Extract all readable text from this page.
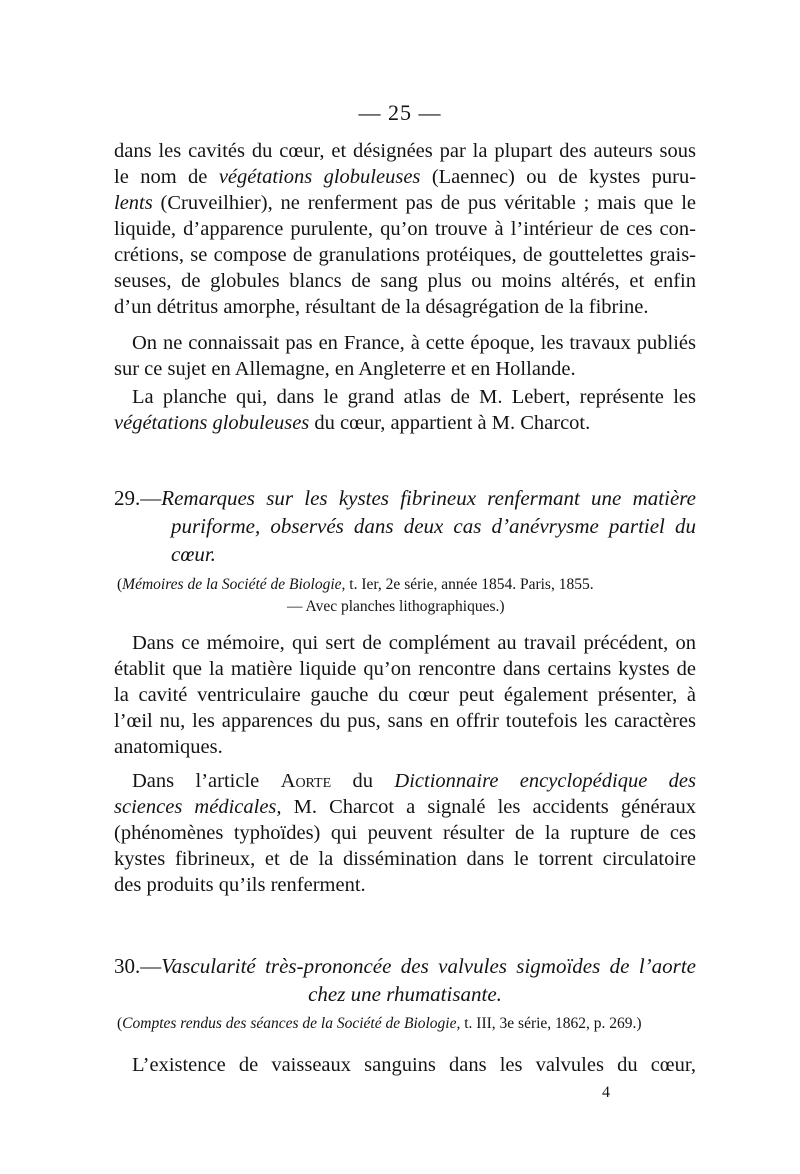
— 25 —
dans les cavités du cœur, et désignées par la plupart des auteurs sous
le nom de végétations globuleuses (Laennec) ou de kystes puru-
lents (Cruveilhier), ne renferment pas de pus véritable ; mais que le
liquide, d’apparence purulente, qu’on trouve à l’intérieur de ces con-
crétions, se compose de granulations protéiques, de gouttelettes grais-
seuses, de globules blancs de sang plus ou moins altérés, et enfin
d’un détritus amorphe, résultant de la désagrégation de la fibrine.
On ne connaissait pas en France, à cette époque, les travaux publiés
sur ce sujet en Allemagne, en Angleterre et en Hollande.
La planche qui, dans le grand atlas de M. Lebert, représente les
végétations globuleuses du cœur, appartient à M. Charcot.
29.—Remarques sur les kystes fibrineux renfermant une matière
puriforme, observés dans deux cas d’anévrysme partiel du
cœur.
(Mémoires de la Société de Biologie, t. Ier, 2e série, année 1854. Paris, 1855.
— Avec planches lithographiques.)
Dans ce mémoire, qui sert de complément au travail précédent, on
établit que la matière liquide qu’on rencontre dans certains kystes de
la cavité ventriculaire gauche du cœur peut également présenter, à
l’œil nu, les apparences du pus, sans en offrir toutefois les caractères
anatomiques.
Dans l’article Aorte du Dictionnaire encyclopédique des
sciences médicales, M. Charcot a signalé les accidents généraux
(phénomènes typhoïdes) qui peuvent résulter de la rupture de ces
kystes fibrineux, et de la dissémination dans le torrent circulatoire
des produits qu’ils renferment.
30.—Vascularité très-prononcée des valvules sigmoïdes de l’aorte
chez une rhumatisante.
(Comptes rendus des séances de la Société de Biologie, t. III, 3e série, 1862, p. 269.)
L’existence de vaisseaux sanguins dans les valvules du cœur,
4
